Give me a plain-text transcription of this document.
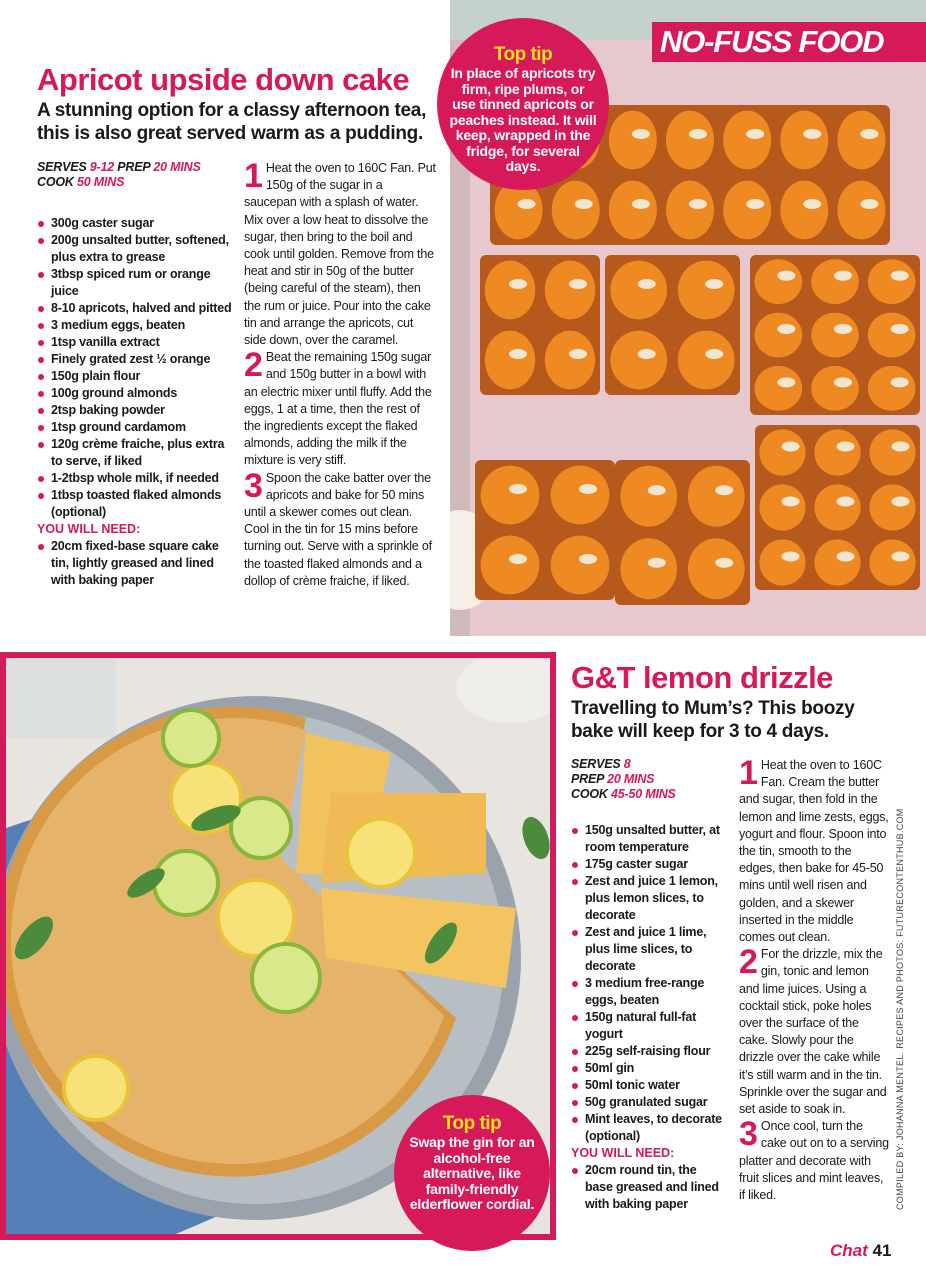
Apricot upside down cake
A stunning option for a classy afternoon tea, this is also great served warm as a pudding.
SERVES 9-12 PREP 20 MINS
COOK 50 MINS
300g caster sugar
200g unsalted butter, softened, plus extra to grease
3tbsp spiced rum or orange juice
8-10 apricots, halved and pitted
3 medium eggs, beaten
1tsp vanilla extract
Finely grated zest ½ orange
150g plain flour
100g ground almonds
2tsp baking powder
1tsp ground cardamom
120g crème fraiche, plus extra to serve, if liked
1-2tbsp whole milk, if needed
1tbsp toasted flaked almonds (optional)
YOU WILL NEED:
20cm fixed-base square cake tin, lightly greased and lined with baking paper
1 Heat the oven to 160C Fan. Put 150g of the sugar in a saucepan with a splash of water. Mix over a low heat to dissolve the sugar, then bring to the boil and cook until golden. Remove from the heat and stir in 50g of the butter (being careful of the steam), then the rum or juice. Pour into the cake tin and arrange the apricots, cut side down, over the caramel.
2 Beat the remaining 150g sugar and 150g butter in a bowl with an electric mixer until fluffy. Add the eggs, 1 at a time, then the rest of the ingredients except the flaked almonds, adding the milk if the mixture is very stiff.
3 Spoon the cake batter over the apricots and bake for 50 mins until a skewer comes out clean. Cool in the tin for 15 mins before turning out. Serve with a sprinkle of the toasted flaked almonds and a dollop of crème fraiche, if liked.
NO-FUSS FOOD
Top tip
In place of apricots try firm, ripe plums, or use tinned apricots or peaches instead. It will keep, wrapped in the fridge, for several days.
Top tip
Swap the gin for an alcohol-free alternative, like family-friendly elderflower cordial.
G&T lemon drizzle
Travelling to Mum’s? This boozy bake will keep for 3 to 4 days.
SERVES 8
PREP 20 MINS
COOK 45-50 MINS
150g unsalted butter, at room temperature
175g caster sugar
Zest and juice 1 lemon, plus lemon slices, to decorate
Zest and juice 1 lime, plus lime slices, to decorate
3 medium free-range eggs, beaten
150g natural full-fat yogurt
225g self-raising flour
50ml gin
50ml tonic water
50g granulated sugar
Mint leaves, to decorate (optional)
YOU WILL NEED:
20cm round tin, the base greased and lined with baking paper
1 Heat the oven to 160C Fan. Cream the butter and sugar, then fold in the lemon and lime zests, eggs, yogurt and flour. Spoon into the tin, smooth to the edges, then bake for 45-50 mins until well risen and golden, and a skewer inserted in the middle comes out clean.
2 For the drizzle, mix the gin, tonic and lemon and lime juices. Using a cocktail stick, poke holes over the surface of the cake. Slowly pour the drizzle over the cake while it’s still warm and in the tin. Sprinkle over the sugar and set aside to soak in.
3 Once cool, turn the cake out on to a serving platter and decorate with fruit slices and mint leaves, if liked.	COMPILED BY: JOHANNA MENTEL. RECIPES AND PHOTOS: FUTURECONTENTHUB.COM
Chat 41
